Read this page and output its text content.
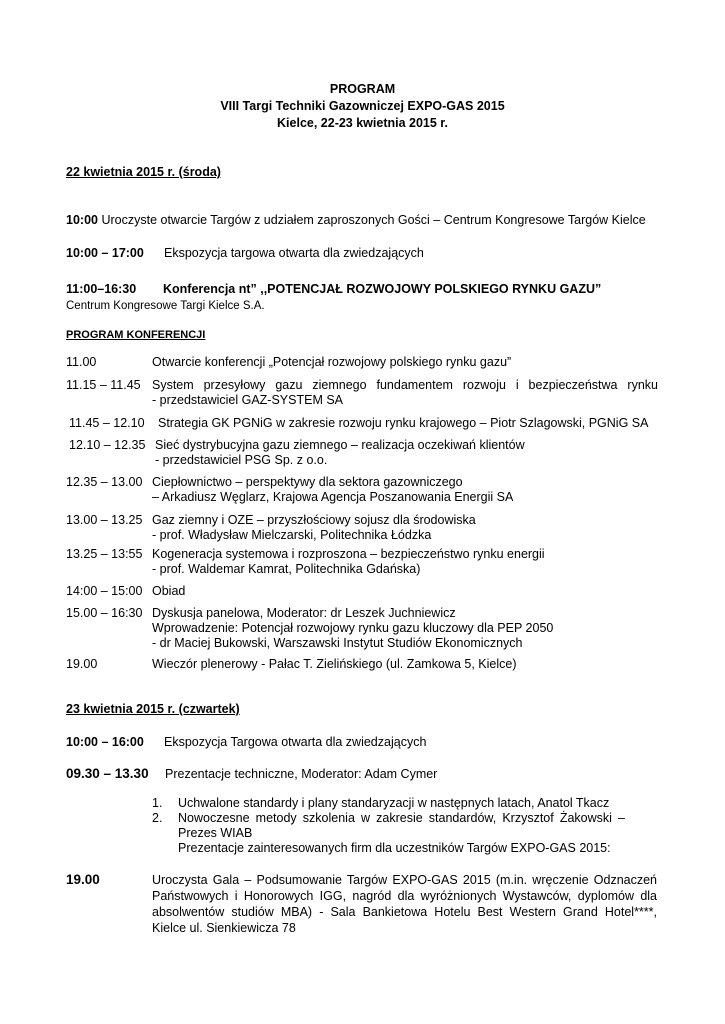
PROGRAM
VIII Targi Techniki Gazowniczej EXPO-GAS 2015
Kielce, 22-23 kwietnia 2015 r.
22 kwietnia 2015 r. (środa)
10:00 Uroczyste otwarcie Targów z udziałem zaproszonych Gości – Centrum Kongresowe Targów Kielce
10:00 – 17:00 Ekspozycja targowa otwarta dla zwiedzających
11:00–16:30 Konferencja nt” ,,POTENCJAŁ ROZWOJOWY POLSKIEGO RYNKU GAZU”
Centrum Kongresowe Targi Kielce S.A.
PROGRAM KONFERENCJI
11.00	Otwarcie konferencji „Potencjał rozwojowy polskiego rynku gazu”
11.15 – 11.45 System przesyłowy gazu ziemnego fundamentem rozwoju i bezpieczeństwa rynku
- przedstawiciel GAZ-SYSTEM SA
11.45 – 12.10 Strategia GK PGNiG w zakresie rozwoju rynku krajowego – Piotr Szlagowski, PGNiG SA
12.10 – 12.35 Sieć dystrybucyjna gazu ziemnego – realizacja oczekiwań klientów
- przedstawiciel PSG Sp. z o.o.
12.35 – 13.00 Ciepłownictwo – perspektywy dla sektora gazowniczego
– Arkadiusz Węglarz, Krajowa Agencja Poszanowania Energii SA
13.00 – 13.25 Gaz ziemny i OZE – przyszłościowy sojusz dla środowiska
- prof. Władysław Mielczarski, Politechnika Łódzka
13.25 – 13:55 Kogeneracja systemowa i rozproszona – bezpieczeństwo rynku energii
- prof. Waldemar Kamrat, Politechnika Gdańska)
14:00 – 15:00 Obiad
15.00 – 16:30 Dyskusja panelowa, Moderator: dr Leszek Juchniewicz
Wprowadzenie: Potencjał rozwojowy rynku gazu kluczowy dla PEP 2050
- dr Maciej Bukowski, Warszawski Instytut Studiów Ekonomicznych
19.00	Wieczór plenerowy - Pałac T. Zielińskiego (ul. Zamkowa 5, Kielce)
23 kwietnia 2015 r. (czwartek)
10:00 – 16:00 Ekspozycja Targowa otwarta dla zwiedzających
09.30 – 13.30 Prezentacje techniczne, Moderator: Adam Cymer
1. Uchwalone standardy i plany standaryzacji w następnych latach, Anatol Tkacz
2. Nowoczesne metody szkolenia w zakresie standardów, Krzysztof Żakowski – Prezes WIAB
Prezentacje zainteresowanych firm dla uczestników Targów EXPO-GAS 2015:
19.00	Uroczysta Gala – Podsumowanie Targów EXPO-GAS 2015 (m.in. wręczenie Odznaczeń Państwowych i Honorowych IGG, nagród dla wyróżnionych Wystawców, dyplomów dla absolwentów studiów MBA) - Sala Bankietowa Hotelu Best Western Grand Hotel****, Kielce ul. Sienkiewicza 78
